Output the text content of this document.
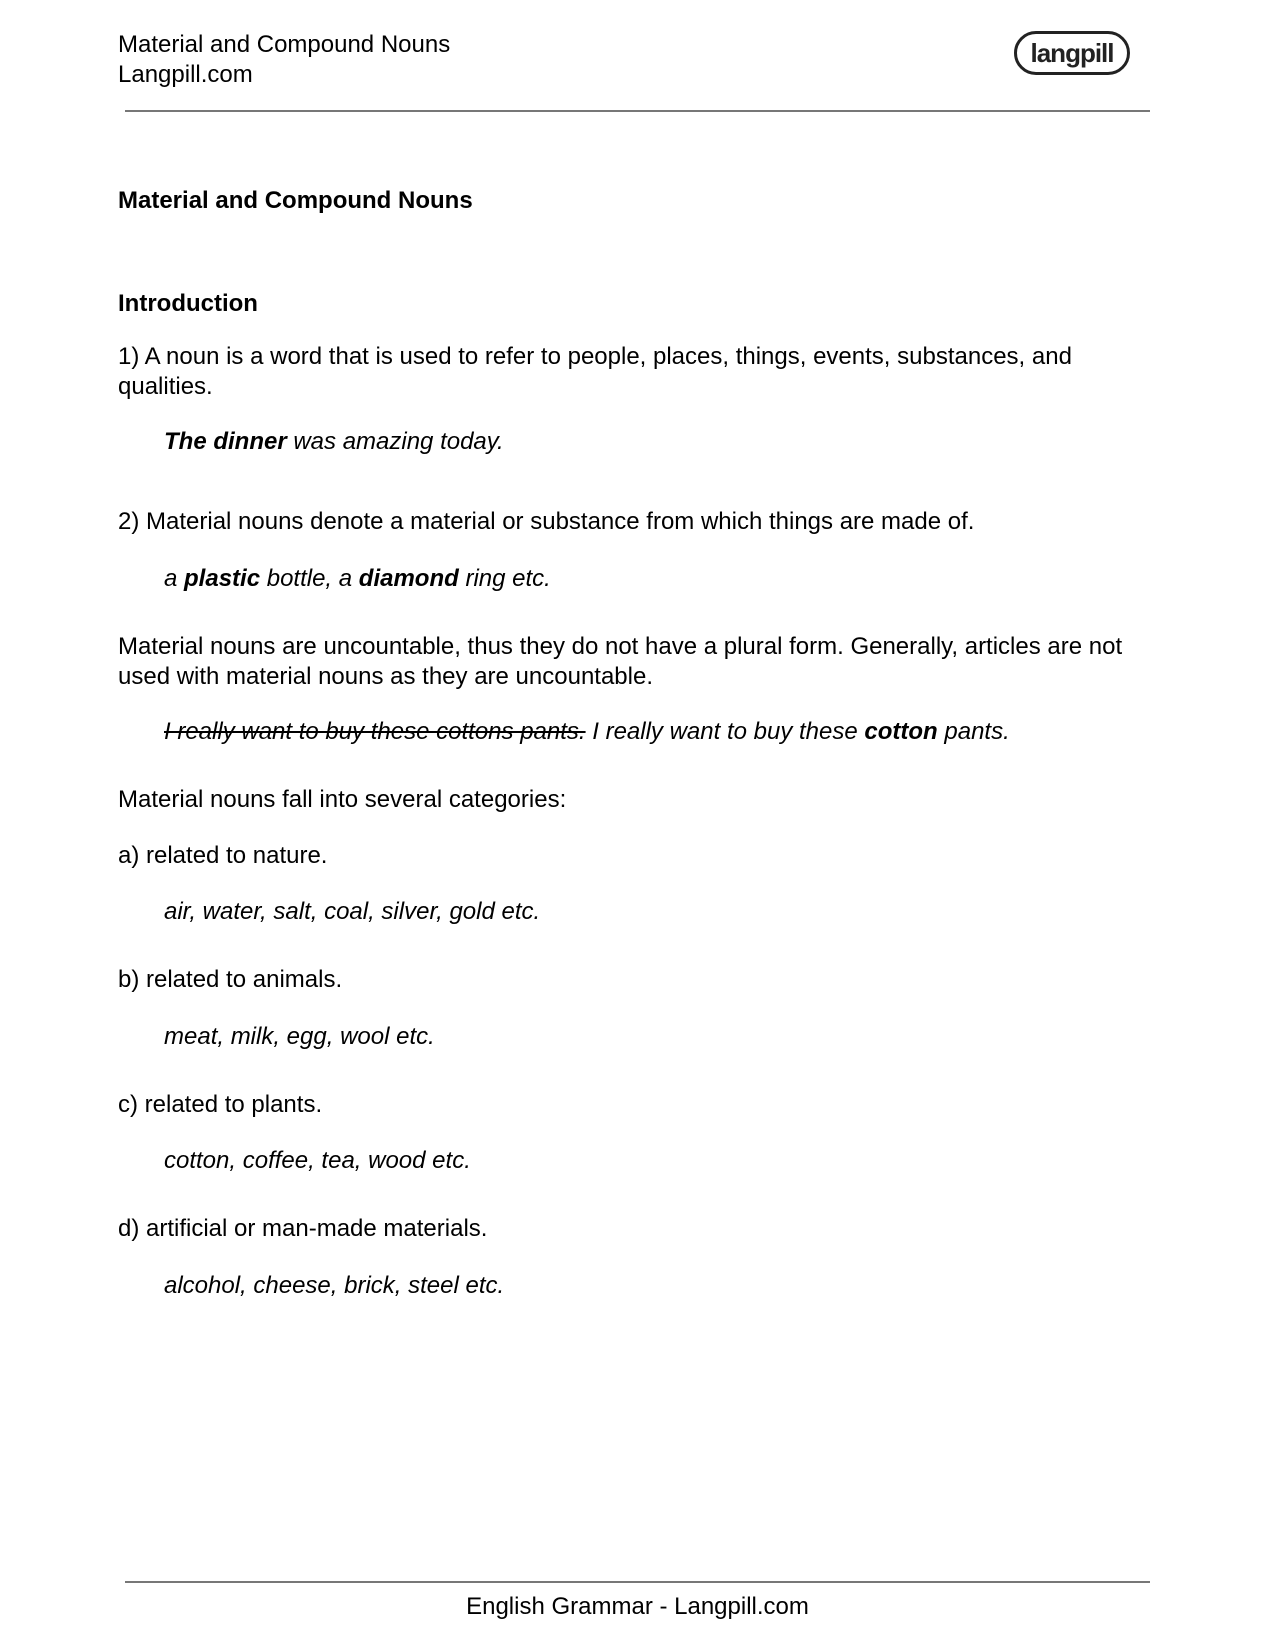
Material and Compound Nouns
Langpill.com
langpill
Material and Compound Nouns
Introduction
1) A noun is a word that is used to refer to people, places, things, events, substances, and qualities.
The dinner was amazing today.
2) Material nouns denote a material or substance from which things are made of.
a plastic bottle, a diamond ring etc.
Material nouns are uncountable, thus they do not have a plural form. Generally, articles are not used with material nouns as they are uncountable.
I really want to buy these cottons pants. I really want to buy these cotton pants.
Material nouns fall into several categories:
a) related to nature.
air, water, salt, coal, silver, gold etc.
b) related to animals.
meat, milk, egg, wool etc.
c) related to plants.
cotton, coffee, tea, wood etc.
d) artificial or man-made materials.
alcohol, cheese, brick, steel etc.
English Grammar - Langpill.com
